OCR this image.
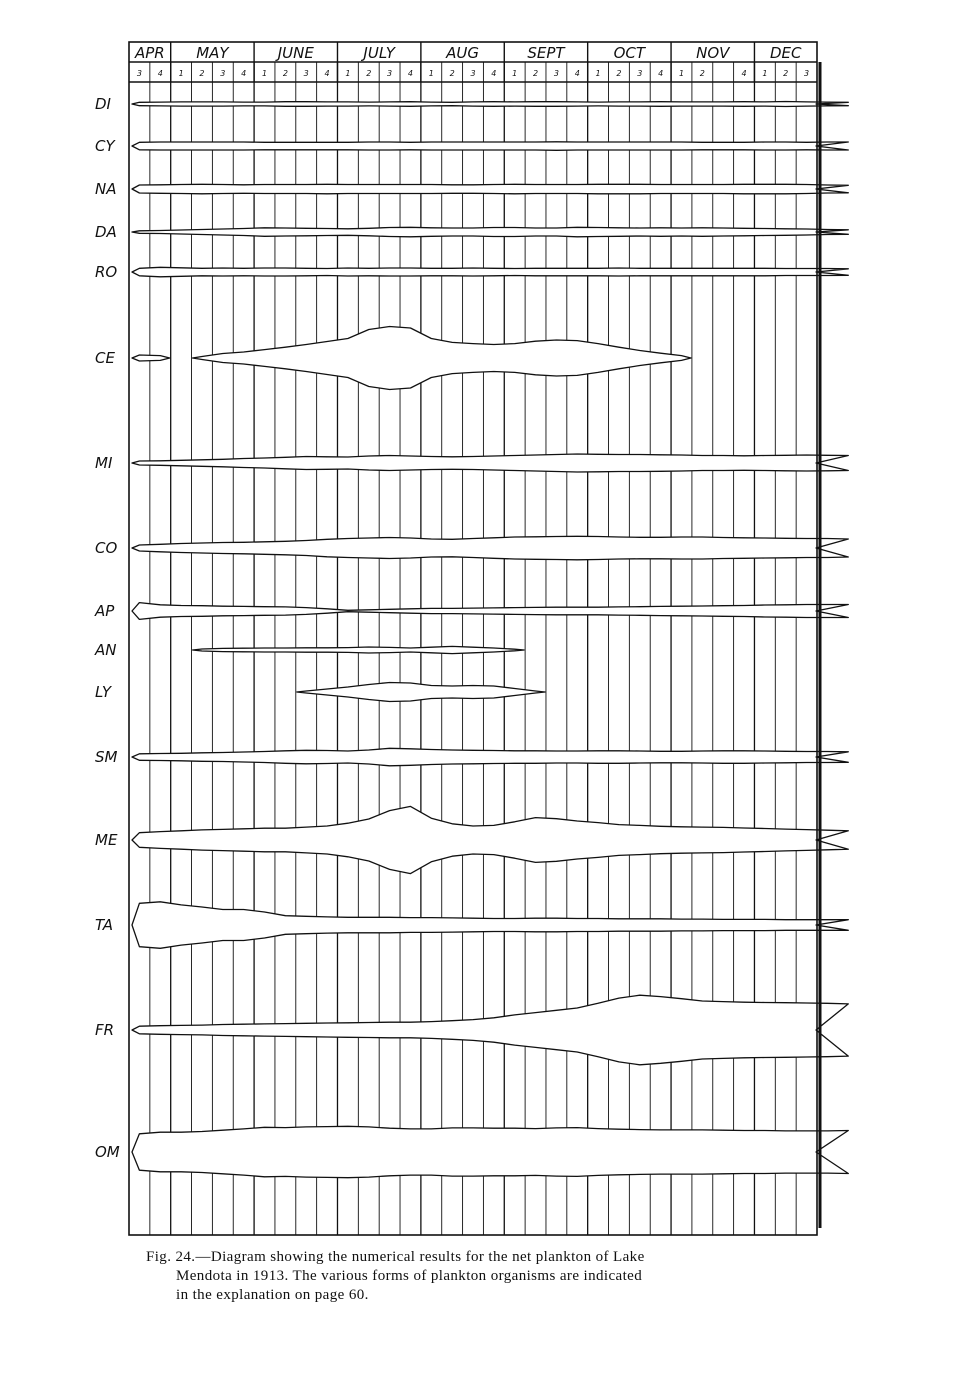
APR
3 4
MAY
1 2 3 4
JUNE
1 2 3 4
JULY
1 2 3 4
AUG
1 2 3 4
SEPT
1 2 3 4
OCT
1 2 3 4
NOV
1 2	4
DEC
1 2 3
DI
CY
NA
DA
RO
CE
MI
CO
AP
AN
LY
SM
ME
TA
FR
OM

Fig. 24.—Diagram showing the numerical results for the net plankton of Lake

Mendota in 1913. The various forms of plankton organisms are indicated

in the explanation on page 60.
